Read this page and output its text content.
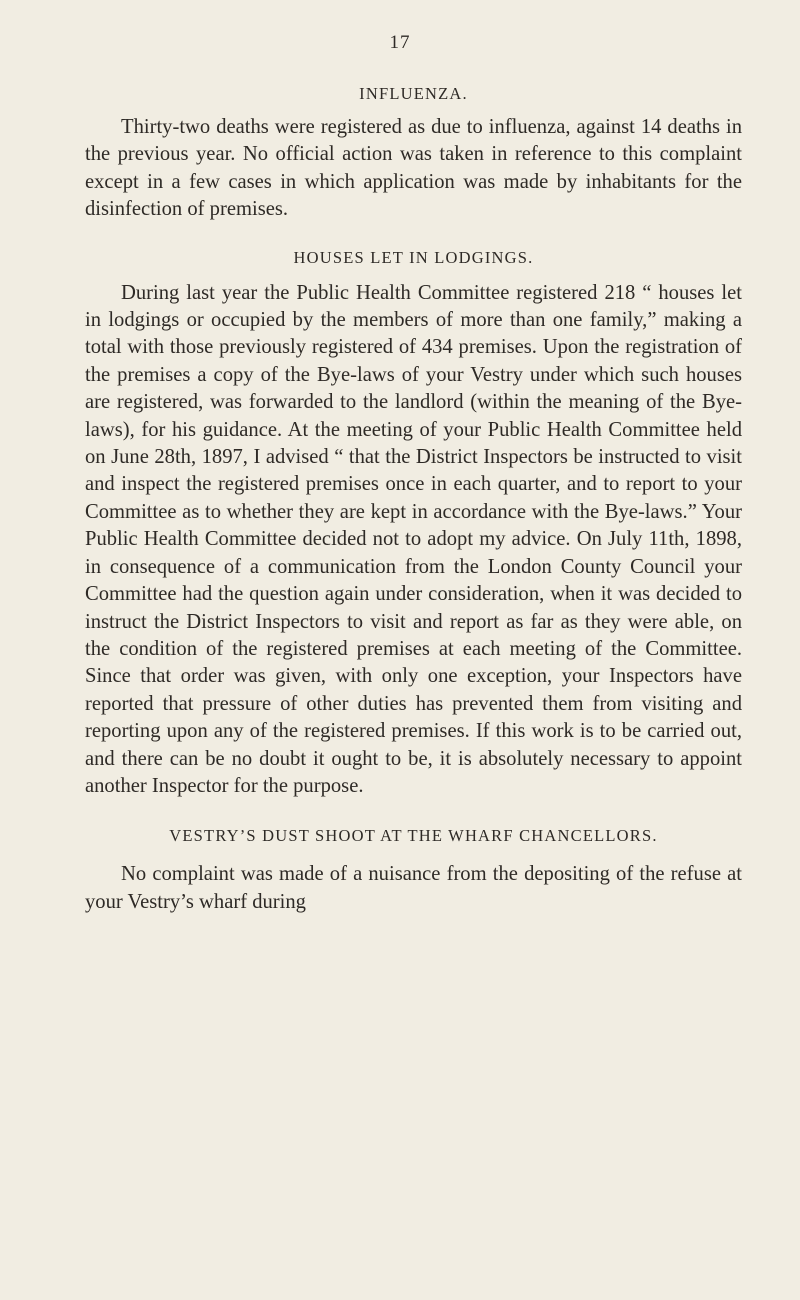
17
INFLUENZA.

Thirty-two deaths were registered as due to influenza, against 14 deaths in the previous year. No official action was taken in reference to this complaint except in a few cases in which application was made by inhabitants for the disinfection of premises.

HOUSES LET IN LODGINGS.

During last year the Public Health Committee registered 218 “ houses let in lodgings or occupied by the members of more than one family,” making a total with those previously registered of 434 premises. Upon the registration of the premises a copy of the Bye-laws of your Vestry under which such houses are registered, was forwarded to the landlord (within the meaning of the Bye-laws), for his guidance. At the meeting of your Public Health Committee held on June 28th, 1897, I advised “ that the District Inspectors be instructed to visit and inspect the registered premises once in each quarter, and to report to your Committee as to whether they are kept in accordance with the Bye-laws.” Your Public Health Committee decided not to adopt my advice. On July 11th, 1898, in consequence of a communication from the London County Council your Committee had the question again under consideration, when it was decided to instruct the District Inspectors to visit and report as far as they were able, on the condition of the registered premises at each meeting of the Committee. Since that order was given, with only one exception, your Inspectors have reported that pressure of other duties has prevented them from visiting and reporting upon any of the registered premises. If this work is to be carried out, and there can be no doubt it ought to be, it is absolutely necessary to appoint another Inspector for the purpose.

VESTRY’S DUST SHOOT AT THE WHARF CHANCELLORS.

No complaint was made of a nuisance from the depositing of the refuse at your Vestry’s wharf during
